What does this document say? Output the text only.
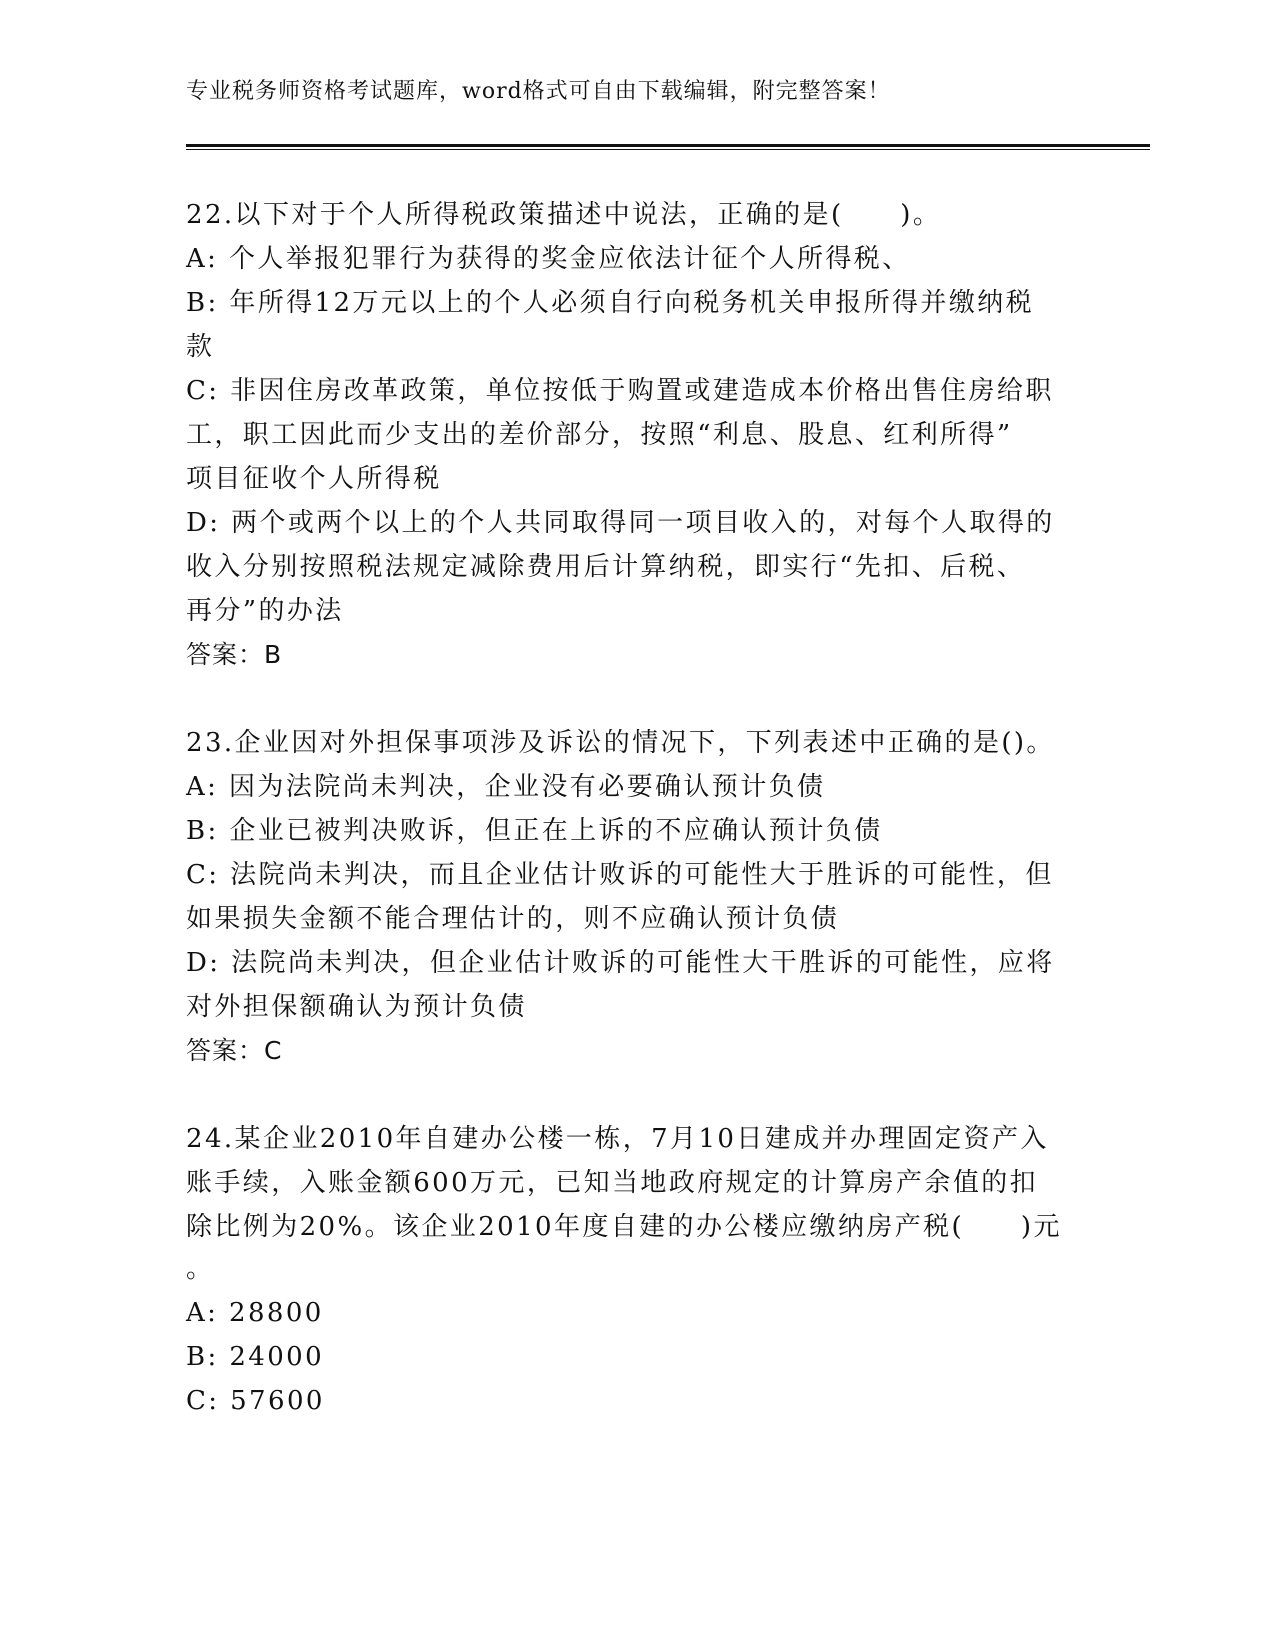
专业税务师资格考试题库，word格式可自由下载编辑，附完整答案！
22.以下对于个人所得税政策描述中说法，正确的是(　　)。
A: 个人举报犯罪行为获得的奖金应依法计征个人所得税、
B: 年所得12万元以上的个人必须自行向税务机关申报所得并缴纳税
款
C: 非因住房改革政策，单位按低于购置或建造成本价格出售住房给职
工，职工因此而少支出的差价部分，按照“利息、股息、红利所得”
项目征收个人所得税
D: 两个或两个以上的个人共同取得同一项目收入的，对每个人取得的
收入分别按照税法规定减除费用后计算纳税，即实行“先扣、后税、
再分”的办法
答案：B
23.企业因对外担保事项涉及诉讼的情况下，下列表述中正确的是()。
A: 因为法院尚未判决，企业没有必要确认预计负债
B: 企业已被判决败诉，但正在上诉的不应确认预计负债
C: 法院尚未判决，而且企业估计败诉的可能性大于胜诉的可能性，但
如果损失金额不能合理估计的，则不应确认预计负债
D: 法院尚未判决，但企业估计败诉的可能性大干胜诉的可能性，应将
对外担保额确认为预计负债
答案：C
24.某企业2010年自建办公楼一栋，7月10日建成并办理固定资产入
账手续，入账金额600万元，已知当地政府规定的计算房产余值的扣
除比例为20%。该企业2010年度自建的办公楼应缴纳房产税(　　)元
。
A: 28800
B: 24000
C: 57600
